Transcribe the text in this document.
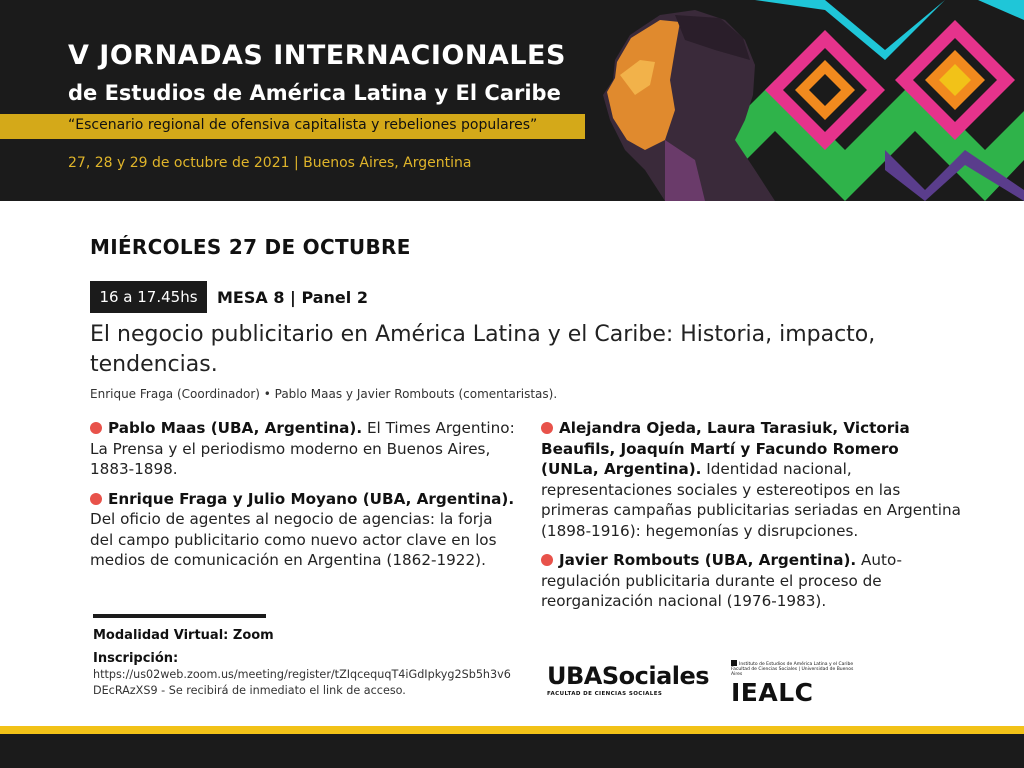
V JORNADAS INTERNACIONALES
de Estudios de América Latina y El Caribe
“Escenario regional de ofensiva capitalista y rebeliones populares”
27, 28 y 29 de octubre de 2021 | Buenos Aires, Argentina
MIÉRCOLES 27 DE OCTUBRE
16 a 17.45hs	MESA 8 | Panel 2
El negocio publicitario en América Latina y el Caribe: Historia, impacto, tendencias.
Enrique Fraga (Coordinador) • Pablo Maas y Javier Rombouts (comentaristas).
Pablo Maas (UBA, Argentina). El Times Argentino: La Prensa y el periodismo moderno en Buenos Aires, 1883-1898.
Enrique Fraga y Julio Moyano (UBA, Argentina). Del oficio de agentes al negocio de agencias: la forja del campo publicitario como nuevo actor clave en los medios de comunicación en Argentina (1862-1922).
Alejandra Ojeda, Laura Tarasiuk, Victoria Beaufils, Joaquín Martí y Facundo Romero (UNLa, Argentina). Identidad nacional, representaciones sociales y estereotipos en las primeras campañas publicitarias seriadas en Argentina (1898-1916): hegemonías y disrupciones.
Javier Rombouts (UBA, Argentina). Auto-regulación publicitaria durante el proceso de reorganización nacional (1976-1983).
Modalidad Virtual: Zoom
Inscripción:
https://us02web.zoom.us/meeting/register/tZIqcequqT4iGdIpkyg2Sb5h3v6DEcRAzXS9 - Se recibirá de inmediato el link de acceso.
UBASociales
FACULTAD DE CIENCIAS SOCIALES
Instituto de Estudios de América Latina y el Caribe
Facultad de Ciencias Sociales | Universidad de Buenos Aires
IEALC
